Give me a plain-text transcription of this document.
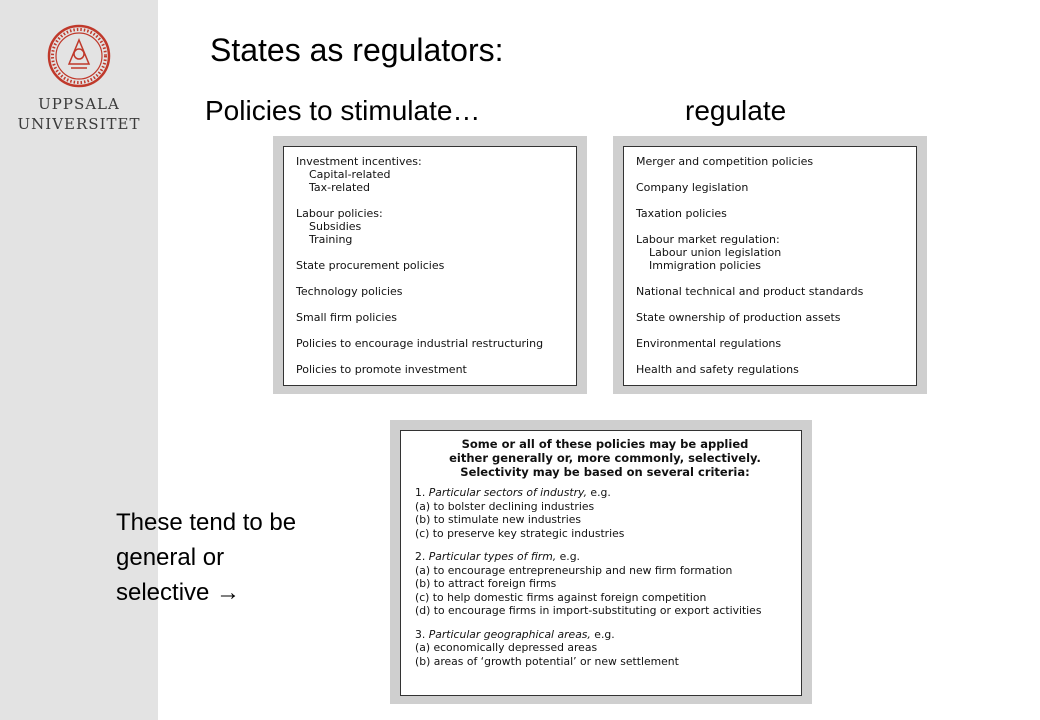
UPPSALA
UNIVERSITET
States as regulators:
Policies to stimulate…	regulate
Investment incentives:
Capital-related
Tax-related
Labour policies:
Subsidies
Training
State procurement policies
Technology policies
Small firm policies
Policies to encourage industrial restructuring
Policies to promote investment
Merger and competition policies
Company legislation
Taxation policies
Labour market regulation:
Labour union legislation
Immigration policies
National technical and product standards
State ownership of production assets
Environmental regulations
Health and safety regulations
Some or all of these policies may be applied
either generally or, more commonly, selectively.
Selectivity may be based on several criteria:
1. Particular sectors of industry, e.g.
(a) to bolster declining industries
(b) to stimulate new industries
(c) to preserve key strategic industries
2. Particular types of firm, e.g.
(a) to encourage entrepreneurship and new firm formation
(b) to attract foreign firms
(c) to help domestic firms against foreign competition
(d) to encourage firms in import-substituting or export activities
3. Particular geographical areas, e.g.
(a) economically depressed areas
(b) areas of ‘growth potential’ or new settlement
These tend to be
general or
selective →
